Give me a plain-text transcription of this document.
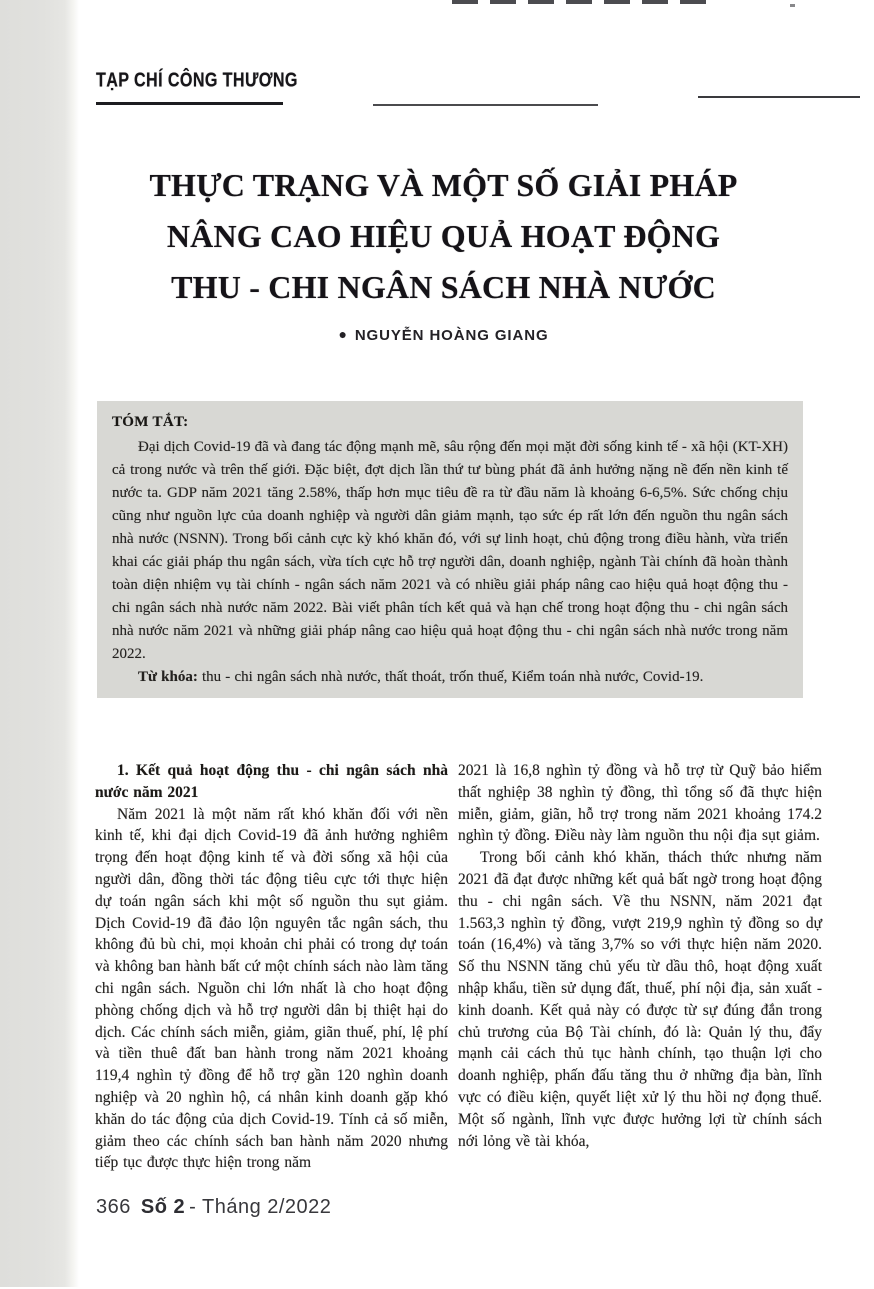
TẠP CHÍ CÔNG THƯƠNG
THỰC TRẠNG VÀ MỘT SỐ GIẢI PHÁP
NÂNG CAO HIỆU QUẢ HOẠT ĐỘNG
THU - CHI NGÂN SÁCH NHÀ NƯỚC
● NGUYỄN HOÀNG GIANG
TÓM TẮT:

Đại dịch Covid-19 đã và đang tác động mạnh mẽ, sâu rộng đến mọi mặt đời sống kinh tế - xã hội (KT-XH) cả trong nước và trên thế giới. Đặc biệt, đợt dịch lần thứ tư bùng phát đã ảnh hưởng nặng nề đến nền kinh tế nước ta. GDP năm 2021 tăng 2.58%, thấp hơn mục tiêu đề ra từ đầu năm là khoảng 6-6,5%. Sức chống chịu cũng như nguồn lực của doanh nghiệp và người dân giảm mạnh, tạo sức ép rất lớn đến nguồn thu ngân sách nhà nước (NSNN). Trong bối cảnh cực kỳ khó khăn đó, với sự linh hoạt, chủ động trong điều hành, vừa triển khai các giải pháp thu ngân sách, vừa tích cực hỗ trợ người dân, doanh nghiệp, ngành Tài chính đã hoàn thành toàn diện nhiệm vụ tài chính - ngân sách năm 2021 và có nhiều giải pháp nâng cao hiệu quả hoạt động thu - chi ngân sách nhà nước năm 2022. Bài viết phân tích kết quả và hạn chế trong hoạt động thu - chi ngân sách nhà nước năm 2021 và những giải pháp nâng cao hiệu quả hoạt động thu - chi ngân sách nhà nước trong năm 2022.

Từ khóa: thu - chi ngân sách nhà nước, thất thoát, trốn thuế, Kiểm toán nhà nước, Covid-19.

1. Kết quả hoạt động thu - chi ngân sách nhà nước năm 2021

Năm 2021 là một năm rất khó khăn đối với nền kinh tế, khi đại dịch Covid-19 đã ảnh hưởng nghiêm trọng đến hoạt động kinh tế và đời sống xã hội của người dân, đồng thời tác động tiêu cực tới thực hiện dự toán ngân sách khi một số nguồn thu sụt giảm. Dịch Covid-19 đã đảo lộn nguyên tắc ngân sách, thu không đủ bù chi, mọi khoản chi phải có trong dự toán và không ban hành bất cứ một chính sách nào làm tăng chi ngân sách. Nguồn chi lớn nhất là cho hoạt động phòng chống dịch và hỗ trợ người dân bị thiệt hại do dịch. Các chính sách miễn, giảm, giãn thuế, phí, lệ phí và tiền thuê đất ban hành trong năm 2021 khoảng 119,4 nghìn tỷ đồng để hỗ trợ gần 120 nghìn doanh nghiệp và 20 nghìn hộ, cá nhân kinh doanh gặp khó khăn do tác động của dịch Covid-19. Tính cả số miễn, giảm theo các chính sách ban hành năm 2020 nhưng tiếp tục được thực hiện trong năm

2021 là 16,8 nghìn tỷ đồng và hỗ trợ từ Quỹ bảo hiểm thất nghiệp 38 nghìn tỷ đồng, thì tổng số đã thực hiện miễn, giảm, giãn, hỗ trợ trong năm 2021 khoảng 174.2 nghìn tỷ đồng. Điều này làm nguồn thu nội địa sụt giảm.

Trong bối cảnh khó khăn, thách thức nhưng năm 2021 đã đạt được những kết quả bất ngờ trong hoạt động thu - chi ngân sách. Về thu NSNN, năm 2021 đạt 1.563,3 nghìn tỷ đồng, vượt 219,9 nghìn tỷ đồng so dự toán (16,4%) và tăng 3,7% so với thực hiện năm 2020. Số thu NSNN tăng chủ yếu từ dầu thô, hoạt động xuất nhập khẩu, tiền sử dụng đất, thuế, phí nội địa, sản xuất - kinh doanh. Kết quả này có được từ sự đúng đắn trong chủ trương của Bộ Tài chính, đó là: Quản lý thu, đẩy mạnh cải cách thủ tục hành chính, tạo thuận lợi cho doanh nghiệp, phấn đấu tăng thu ở những địa bàn, lĩnh vực có điều kiện, quyết liệt xử lý thu hồi nợ đọng thuế. Một số ngành, lĩnh vực được hưởng lợi từ chính sách nới lỏng về tài khóa,

366 Số 2 - Tháng 2/2022
